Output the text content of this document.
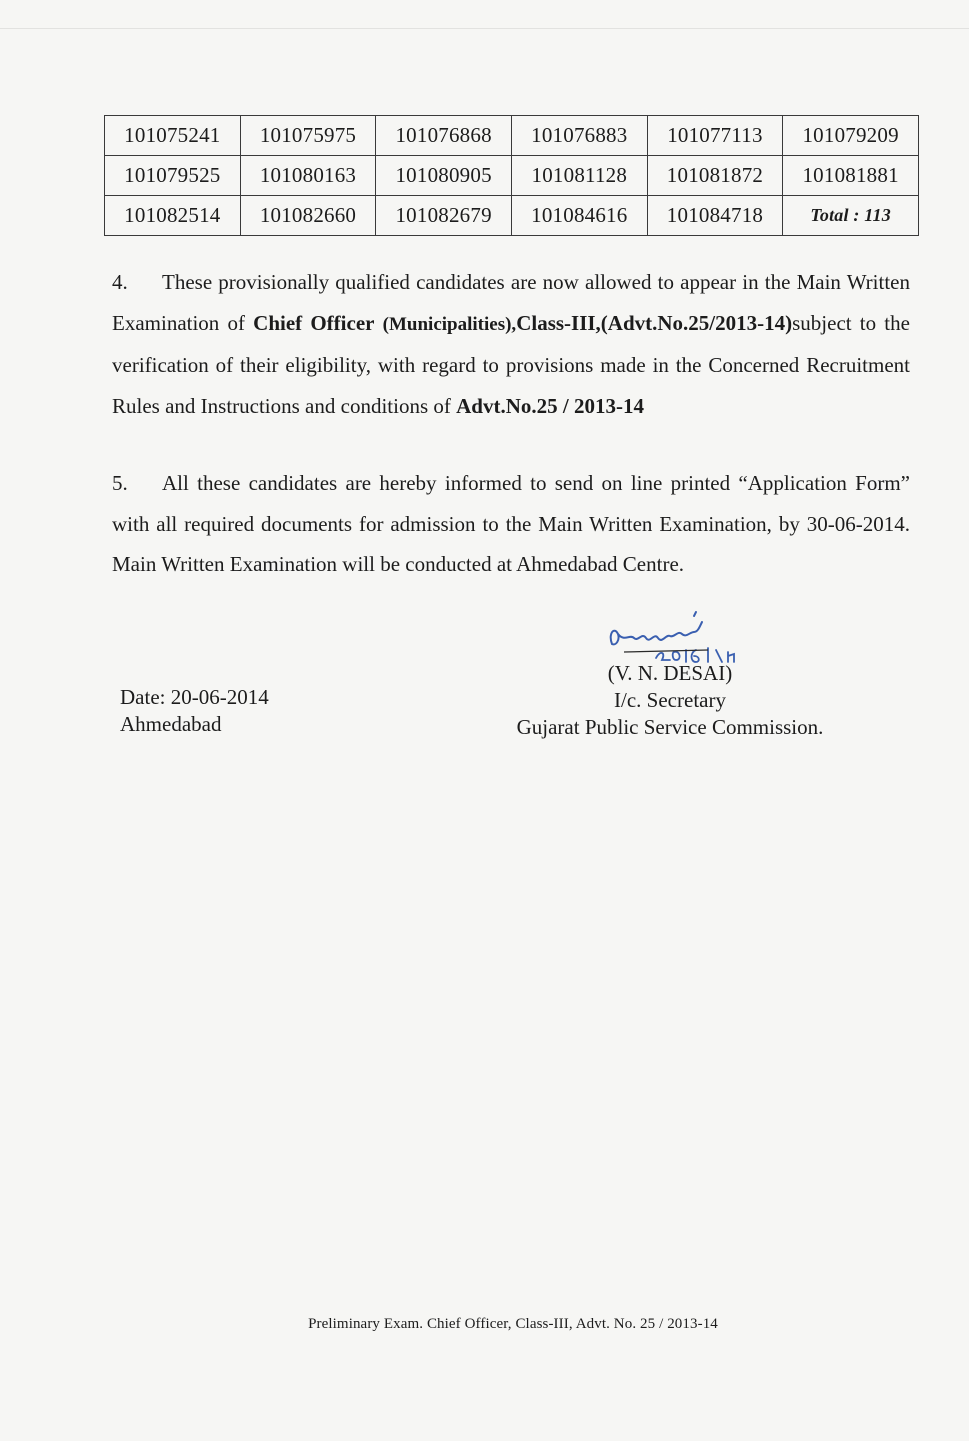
101075241	101075975	101076868	101076883	101077113	101079209
101079525	101080163	101080905	101081128	101081872	101081881
101082514	101082660	101082679	101084616	101084718	Total : 113

4. These provisionally qualified candidates are now allowed to appear in the Main Written Examination of Chief Officer (Municipalities),Class-III,(Advt.No.25/2013-14)subject to the verification of their eligibility, with regard to provisions made in the Concerned Recruitment Rules and Instructions and conditions of Advt.No.25 / 2013-14

5. All these candidates are hereby informed to send on line printed “Application Form” with all required documents for admission to the Main Written Examination, by 30-06-2014. Main Written Examination will be conducted at Ahmedabad Centre.

(V. N. DESAI)
I/c. Secretary
Gujarat Public Service Commission.
Date: 20-06-2014
Ahmedabad
Preliminary Exam. Chief Officer, Class-III, Advt. No. 25 / 2013-14
